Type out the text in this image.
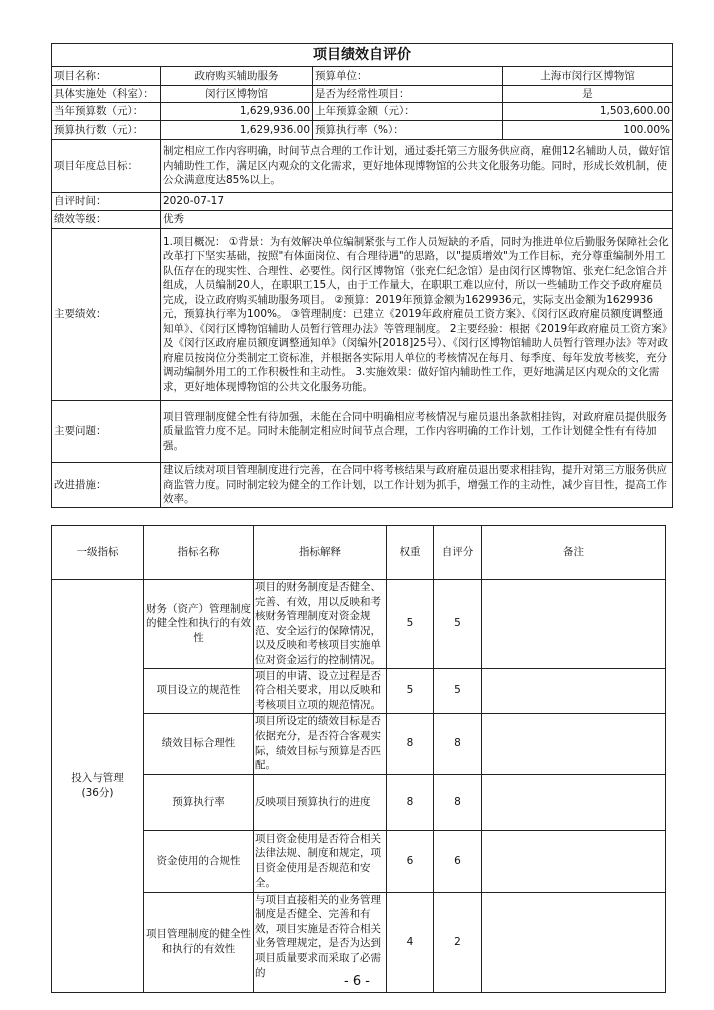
项目绩效自评价			
项目名称：	政府购买辅助服务	预算单位：	上海市闵行区博物馆
具体实施处（科室）：	闵行区博物馆	是否为经常性项目：	是
当年预算数（元）：	1,629,936.00	上年预算金额（元）：	1,503,600.00
预算执行数（元）：	1,629,936.00	预算执行率（%）：	100.00%
项目年度总目标：	制定相应工作内容明确，时间节点合理的工作计划，通过委托第三方服务供应商，雇佣12名辅助人员，做好馆内辅助性工作，满足区内观众的文化需求，更好地体现博物馆的公共文化服务功能。同时，形成长效机制，使公众满意度达85%以上。		
自评时间：	2020-07-17		
绩效等级：	优秀		
主要绩效：	1.项目概况： ①背景：为有效解决单位编制紧张与工作人员短缺的矛盾，同时为推进单位后勤服务保障社会化改革打下坚实基础，按照"有体面岗位、有合理待遇"的思路，以"提质增效"为工作目标，充分尊重编制外用工队伍存在的现实性、合理性、必要性。闵行区博物馆（张充仁纪念馆）是由闵行区博物馆、张充仁纪念馆合并组成，人员编制20人，在职职工15人，由于工作量大，在职职工难以应付，所以一些辅助工作交予政府雇员完成，设立政府购买辅助服务项目。 ②预算：2019年预算金额为1629936元，实际支出金额为1629936元，预算执行率为100%。 ③管理制度：已建立《2019年政府雇员工资方案》、《闵行区政府雇员额度调整通知单》、《闵行区博物馆辅助人员暂行管理办法》等管理制度。 2主要经验：根据《2019年政府雇员工资方案》及《闵行区政府雇员额度调整通知单》（闵编外[2018]25号）、《闵行区博物馆辅助人员暂行管理办法》等对政府雇员按岗位分类制定工资标准，并根据各实际用人单位的考核情况在每月、每季度、每年发放考核奖，充分调动编制外用工的工作积极性和主动性。 3.实施效果：做好馆内辅助性工作，更好地满足区内观众的文化需求，更好地体现博物馆的公共文化服务功能。		
主要问题：	项目管理制度健全性有待加强，未能在合同中明确相应考核情况与雇员退出条款相挂钩，对政府雇员提供服务质量监管力度不足。同时未能制定相应时间节点合理，工作内容明确的工作计划，工作计划健全性有有待加强。		
改进措施：	建议后续对项目管理制度进行完善，在合同中将考核结果与政府雇员退出要求相挂钩，提升对第三方服务供应商监管力度。同时制定较为健全的工作计划，以工作计划为抓手，增强工作的主动性，减少盲目性，提高工作效率。		
一级指标	指标名称	指标解释	权重	自评分	备注

投入与管理
(36分)	财务（资产）管理制度的健全性和执行的有效性	项目的财务制度是否健全、完善、有效，用以反映和考核财务管理制度对资金规范、安全运行的保障情况，以及反映和考核项目实施单位对资金运行的控制情况。	5	5	
	项目设立的规范性	项目的申请、设立过程是否符合相关要求，用以反映和考核项目立项的规范情况。	5	5	
	绩效目标合理性	项目所设定的绩效目标是否依据充分，是否符合客观实际，绩效目标与预算是否匹配。	8	8	
	预算执行率	反映项目预算执行的进度	8	8	
	资金使用的合规性	项目资金使用是否符合相关法律法规、制度和规定，项目资金使用是否规范和安全。	6	6	
	项目管理制度的健全性和执行的有效性	与项目直接相关的业务管理制度是否健全、完善和有效，项目实施是否符合相关业务管理规定，是否为达到项目质量要求而采取了必需的	4	2	
- 6 -
